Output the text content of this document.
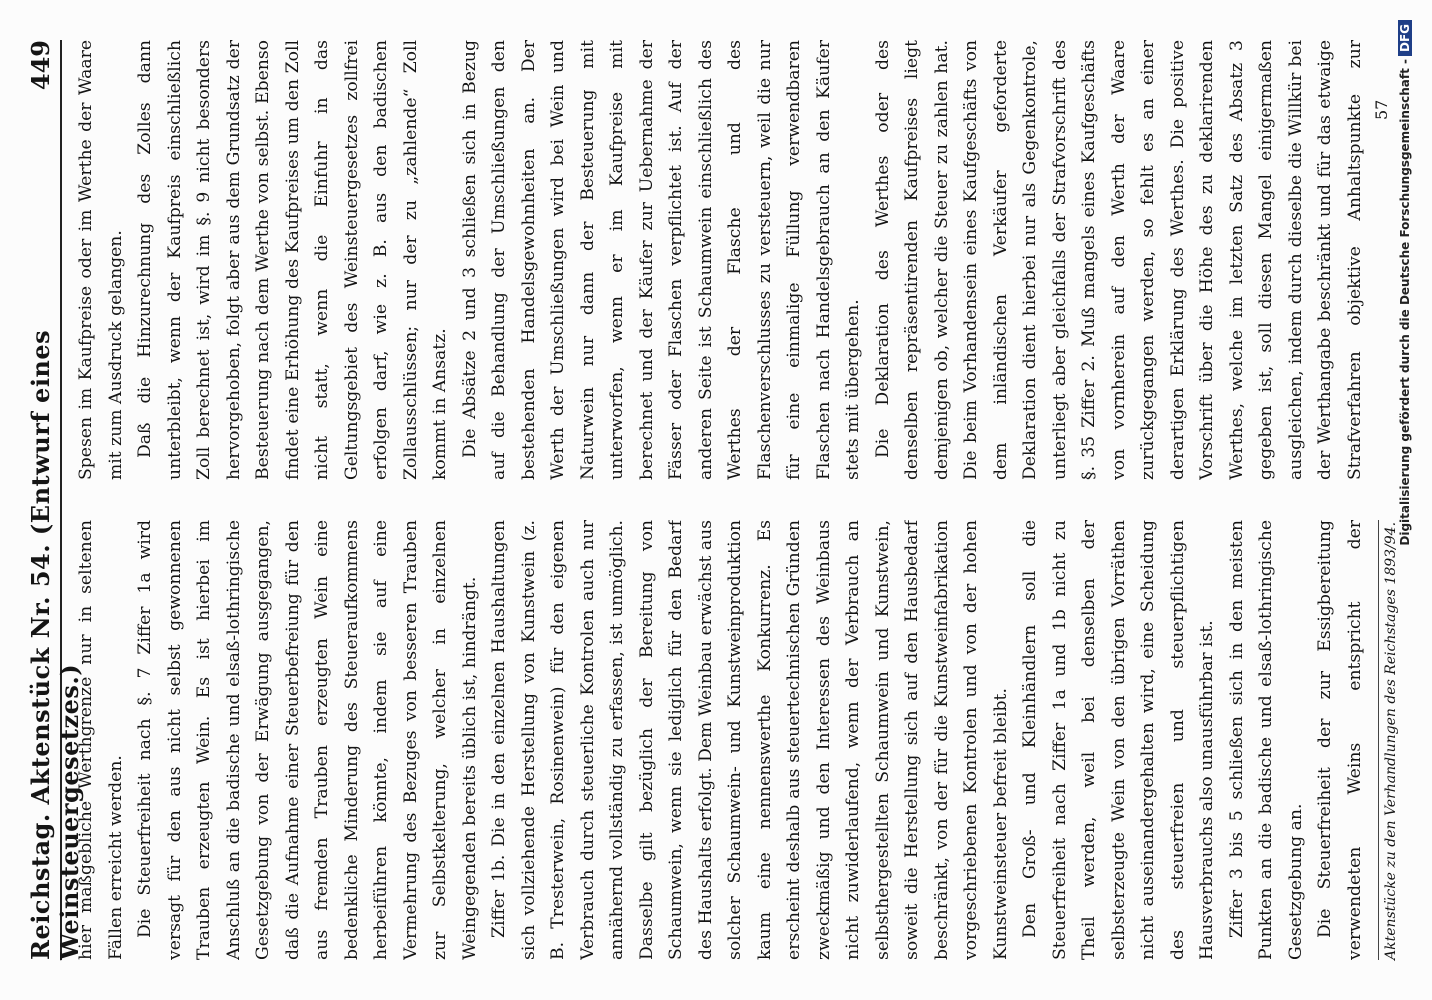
Reichstag. Aktenstück Nr. 54. (Entwurf eines Weinsteuergesetzes.)
449

hier maßgebliche Werthgrenze nur in seltenen Fällen erreicht werden. Die Steuerfreiheit nach §. 7 Ziffer 1a wird versagt für den aus nicht selbst gewonnenen Trauben erzeugten Wein. Es ist hierbei im Anschluß an die badische und elsaß-lothringische Gesetzgebung von der Erwägung ausgegangen, daß die Aufnahme einer Steuerbefreiung für den aus fremden Trauben erzeugten Wein eine bedenkliche Minderung des Steueraufkommens herbeiführen könnte, indem sie auf eine Vermehrung des Bezuges von besseren Trauben zur Selbstkelterung, welcher in einzelnen Weingegenden bereits üblich ist, hindrängt. Ziffer 1b. Die in den einzelnen Haushaltungen sich vollziehende Herstellung von Kunstwein (z. B. Tresterwein, Rosinenwein) für den eigenen Verbrauch durch steuerliche Kontrolen auch nur annähernd vollständig zu erfassen, ist unmöglich. Dasselbe gilt bezüglich der Bereitung von Schaumwein, wenn sie lediglich für den Bedarf des Haushalts erfolgt. Dem Weinbau erwächst aus solcher Schaumwein- und Kunstweinproduktion kaum eine nennenswerthe Konkurrenz. Es erscheint deshalb aus steuertechnischen Gründen zweckmäßig und den Interessen des Weinbaus nicht zuwiderlaufend, wenn der Verbrauch an selbsthergestellten Schaumwein und Kunstwein, soweit die Herstellung sich auf den Hausbedarf beschränkt, von der für die Kunstweinfabrikation vorgeschriebenen Kontrolen und von der hohen Kunstweinsteuer befreit bleibt. Den Groß- und Kleinhändlern soll die Steuerfreiheit nach Ziffer 1a und 1b nicht zu Theil werden, weil bei denselben der selbsterzeugte Wein von den übrigen Vorräthen nicht auseinandergehalten wird, eine Scheidung des steuerfreien und steuerpflichtigen Hausverbrauchs also unausführbar ist. Ziffer 3 bis 5 schließen sich in den meisten Punkten an die badische und elsaß-lothringische Gesetzgebung an. Die Steuerfreiheit der zur Essigbereitung verwendeten Weins entspricht der

Spesen im Kaufpreise oder im Werthe der Waare mit zum Ausdruck gelangen. Daß die Hinzurechnung des Zolles dann unterbleibt, wenn der Kaufpreis einschließlich Zoll berechnet ist, wird im §. 9 nicht besonders hervorgehoben, folgt aber aus dem Grundsatz der Besteuerung nach dem Werthe von selbst. Ebenso findet eine Erhöhung des Kaufpreises um den Zoll nicht statt, wenn die Einfuhr in das Geltungsgebiet des Weinsteuergesetzes zollfrei erfolgen darf, wie z. B. aus den badischen Zollausschlüssen; nur der zu „zahlende“ Zoll kommt in Ansatz. Die Absätze 2 und 3 schließen sich in Bezug auf die Behandlung der Umschließungen den bestehenden Handelsgewohnheiten an. Der Werth der Umschließungen wird bei Wein und Naturwein nur dann der Besteuerung mit unterworfen, wenn er im Kaufpreise mit berechnet und der Käufer zur Uebernahme der Fässer oder Flaschen verpflichtet ist. Auf der anderen Seite ist Schaumwein einschließlich des Werthes der Flasche und des Flaschenverschlusses zu versteuern, weil die nur für eine einmalige Füllung verwendbaren Flaschen nach Handelsgebrauch an den Käufer stets mit übergehen. Die Deklaration des Werthes oder des denselben repräsentirenden Kaufpreises liegt demjenigen ob, welcher die Steuer zu zahlen hat. Die beim Vorhandensein eines Kaufgeschäfts von dem inländischen Verkäufer geforderte Deklaration dient hierbei nur als Gegenkontrole, unterliegt aber gleichfalls der Strafvorschrift des §. 35 Ziffer 2. Muß mangels eines Kaufgeschäfts von vornherein auf den Werth der Waare zurückgegangen werden, so fehlt es an einer derartigen Erklärung des Werthes. Die positive Vorschrift über die Höhe des zu deklarirenden Werthes, welche im letzten Satz des Absatz 3 gegeben ist, soll diesen Mangel einigermaßen ausgleichen, indem durch dieselbe die Willkür bei der Werthangabe beschränkt und für das etwaige Strafverfahren objektive Anhaltspunkte zur

Aktenstücke zu den Verhandlungen des Reichstages 1893/94.
57 Digitalisierung gefördert durch die Deutsche Forschungsgemeinschaft -DFG
